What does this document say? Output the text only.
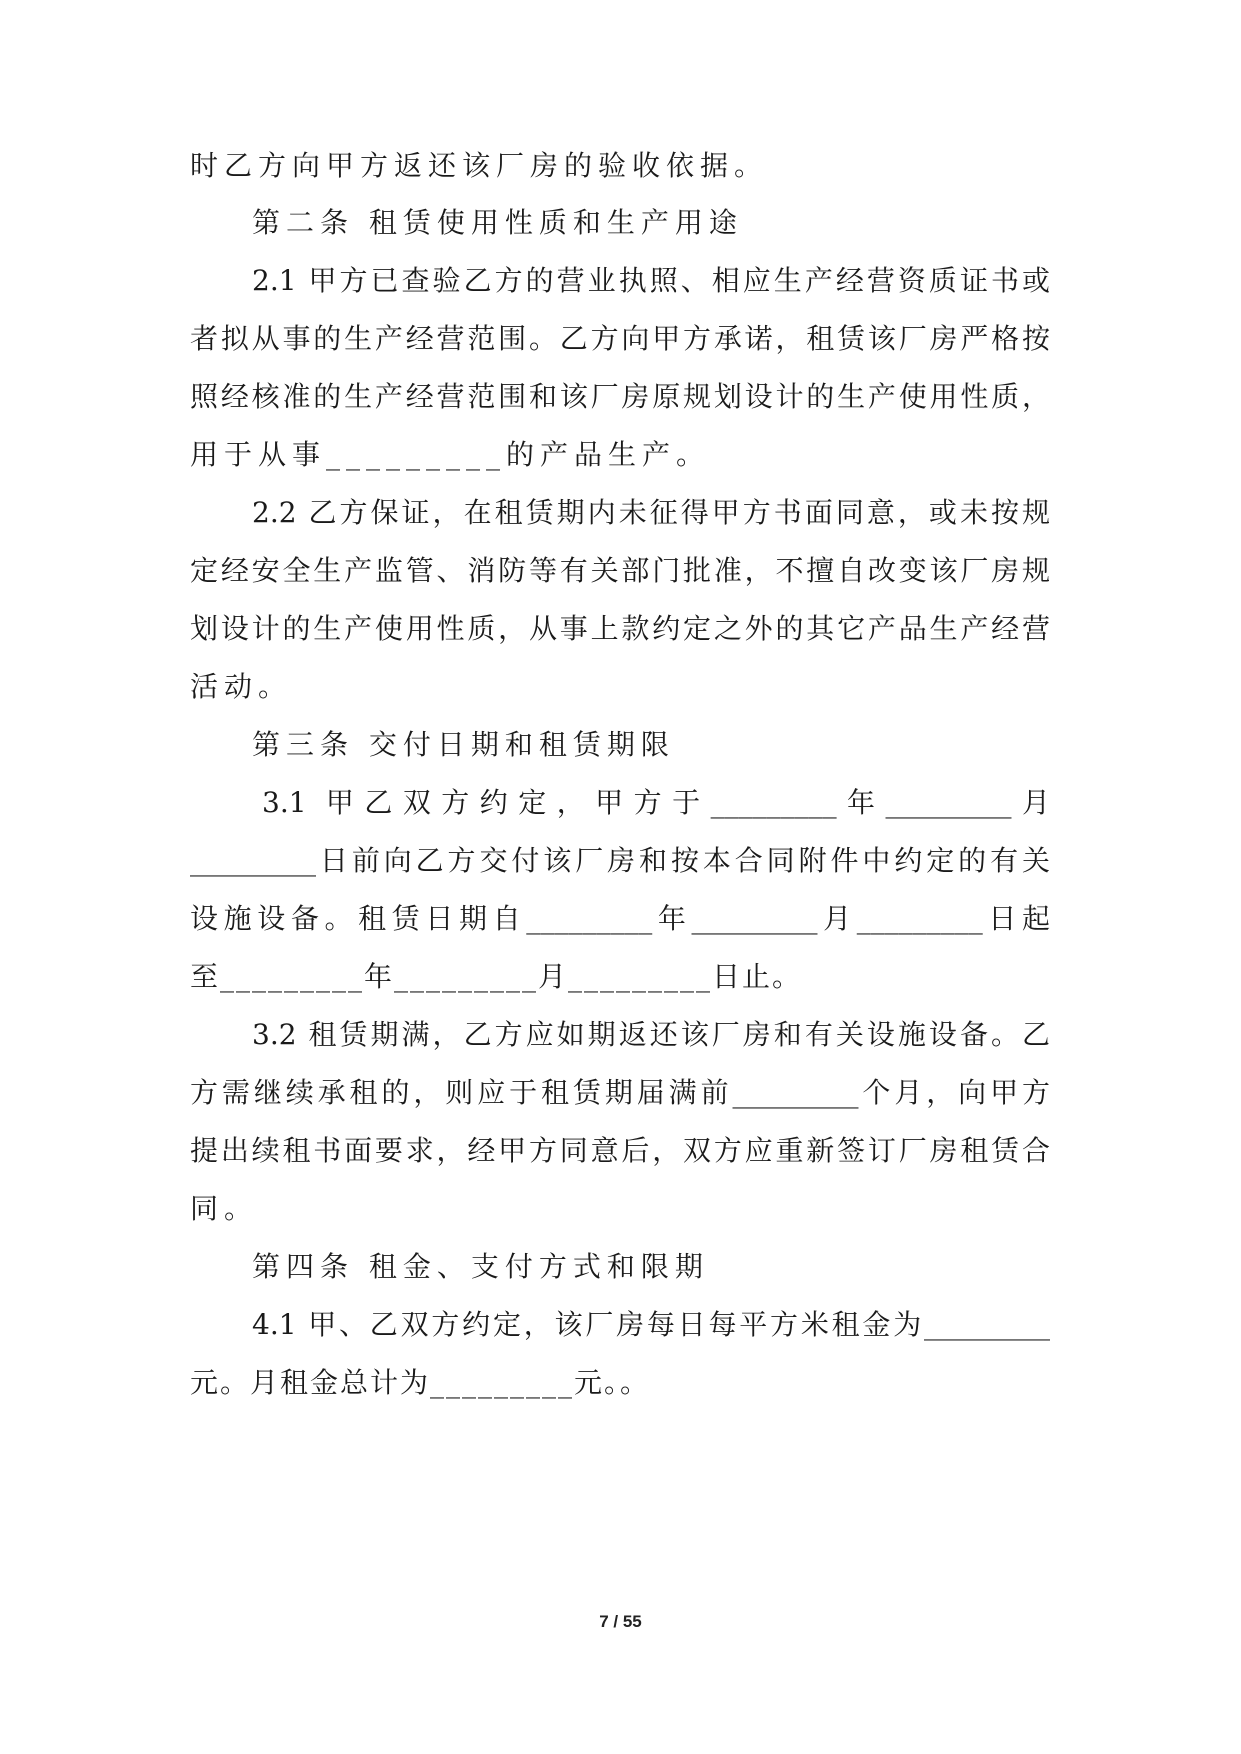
时乙方向甲方返还该厂房的验收依据。
第二条 租赁使用性质和生产用途
2.1 甲方已查验乙方的营业执照、相应生产经营资质证书或
者拟从事的生产经营范围。乙方向甲方承诺，租赁该厂房严格按
照经核准的生产经营范围和该厂房原规划设计的生产使用性质，
用于从事_________的产品生产。
2.2 乙方保证，在租赁期内未征得甲方书面同意，或未按规
定经安全生产监管、消防等有关部门批准，不擅自改变该厂房规
划设计的生产使用性质，从事上款约定之外的其它产品生产经营
活动。
第三条 交付日期和租赁期限
3.1 甲乙双方约定，甲方于_________年_________月
_________日前向乙方交付该厂房和按本合同附件中约定的有关
设施设备。租赁日期自_________年_________月_________日起
至_________年_________月_________日止。
3.2 租赁期满，乙方应如期返还该厂房和有关设施设备。乙
方需继续承租的，则应于租赁期届满前_________个月，向甲方
提出续租书面要求，经甲方同意后，双方应重新签订厂房租赁合
同。
第四条 租金、支付方式和限期
4.1 甲、乙双方约定，该厂房每日每平方米租金为_________
元。月租金总计为_________元。。
7 / 55
